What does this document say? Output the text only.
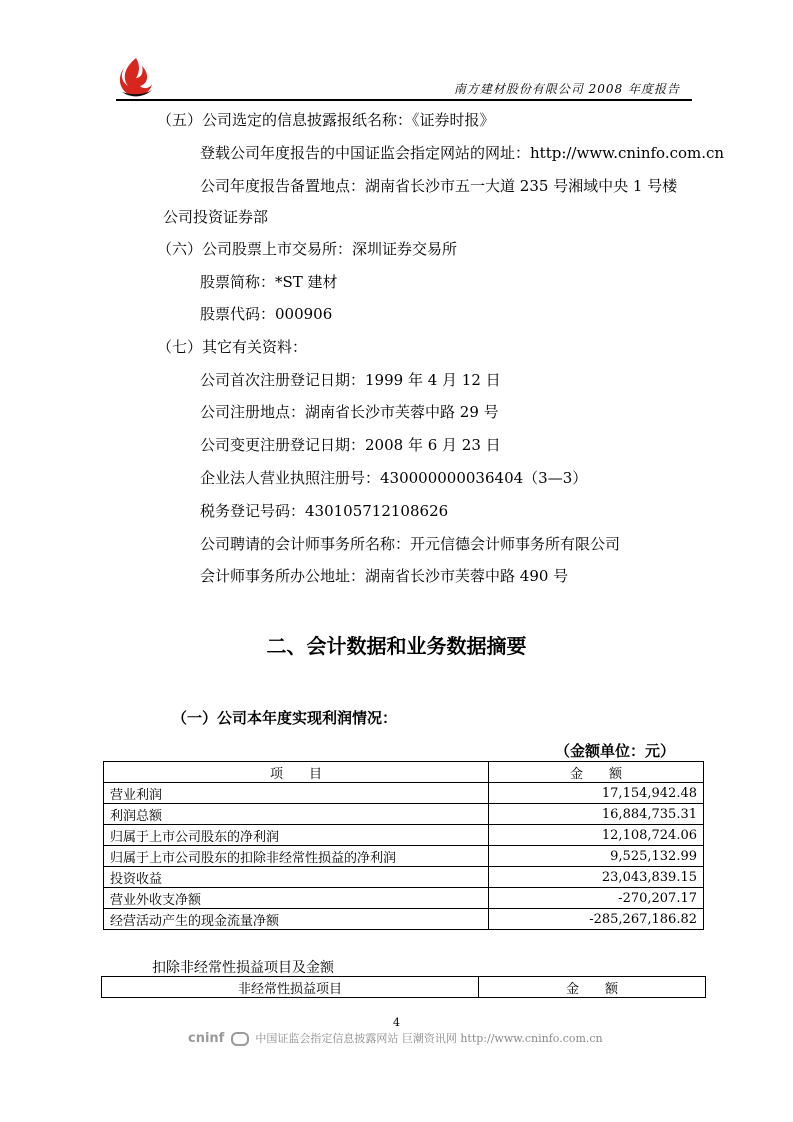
南方建材股份有限公司 2008 年度报告
（五）公司选定的信息披露报纸名称：《证券时报》
登载公司年度报告的中国证监会指定网站的网址：http://www.cninfo.com.cn
公司年度报告备置地点：湖南省长沙市五一大道 235 号湘域中央 1 号楼
公司投资证券部
（六）公司股票上市交易所：深圳证券交易所
股票简称：*ST 建材
股票代码：000906
（七）其它有关资料：
公司首次注册登记日期：1999 年 4 月 12 日
公司注册地点：湖南省长沙市芙蓉中路 29 号
公司变更注册登记日期：2008 年 6 月 23 日
企业法人营业执照注册号：430000000036404（3—3）
税务登记号码：430105712108626
公司聘请的会计师事务所名称：开元信德会计师事务所有限公司
会计师事务所办公地址：湖南省长沙市芙蓉中路 490 号
二、会计数据和业务数据摘要
（一）公司本年度实现利润情况：
（金额单位：元）
项　　目	金　　额
营业利润	17,154,942.48
利润总额	16,884,735.31
归属于上市公司股东的净利润	12,108,724.06
归属于上市公司股东的扣除非经常性损益的净利润	9,525,132.99
投资收益	23,043,839.15
营业外收支净额	-270,207.17
经营活动产生的现金流量净额	-285,267,186.82
扣除非经常性损益项目及金额
非经常性损益项目	金　　额
4
cninf	中国证监会指定信息披露网站 巨潮资讯网 http://www.cninfo.com.cn
